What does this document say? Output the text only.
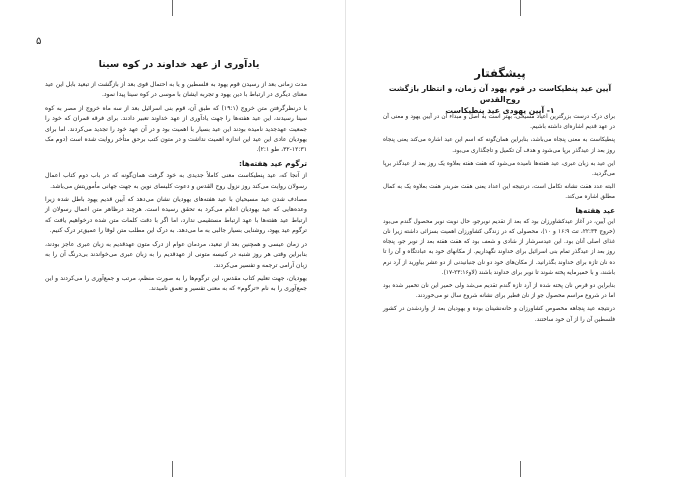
۵
یادآوری از عهد خداوند در کوه سینا

مدت زمانی بعد از رسیدن قوم یهود به فلسطین و یا به احتمال قوی بعد از بازگشت از تبعید بابل این عید معنای دیگری در ارتباط با دین یهود و تجربه ایشان با موسی در کوه سینا پیدا نمود.

با درنظرگرفتن متن خروج (۱۹:۱) که طبق آن، قوم بنی اسرائیل بعد از سه ماه خروج از مصر به کوه سینا رسیدند، این عید هفته‌ها را جهت یادآوری از عهد خداوند تعبیر دادند. برای فرقه قمران که خود را جمعیت عهدجدید نامیده بودند این عید بسیار با اهمیت بود و در آن عهد خود را تجدید می‌کردند. اما برای یهودیان عادی این عید این اندازه اهمیت نداشت و در متون کتب برحق متأخر روایت شده است (دوم مک ۱۲:۳۱-۳۲، طو ۲:۱).

ترگوم عید هفته‌ها:

از آنجا که، عید پنطیکاست معنی کاملاً جدیدی به خود گرفت همان‌گونه که در باب دوم کتاب اعمال رسولان روایت می‌کند روز نزول روح القدس و دعوت کلیسای نوین به جهت جهانی مأموریتش می‌باشد.

مصادف شدن عید مسیحیان با عید هفته‌های یهودیان نشان می‌دهد که آیین قدیم یهود باطل شده زیرا وعده‌هایی که عید یهودیان اعلام می‌کرد به تحقق رسیده است. هرچند درظاهر متن اعمال رسولان از ارتباط عید هفته‌ها با عهد ارتباط مستقیمی ندارد، اما اگر با دقت کلمات متن شده درخواهیم یافت که ترگوم عید یهود، روشنایی بسیار جالبی به ما می‌دهد. به درک این مطلب متن لوقا را عمیق‌تر درک کنیم.

در زمان عیسی و همچنین بعد از تبعید، مردمان عوام از درک متون عهدقدیم به زبان عبری عاجز بودند، بنابراین وقتی هر روز شنبه در کنیسه متونی از عهدقدیم را به زبان عبری می‌خواندند بی‌درنگ آن را به زبان آرامی ترجمه و تفسیر می‌کردند.

یهودیان، جهت تعلیم کتاب مقدس، این ترگوم‌ها را به صورت منظم، مرتب و جمع‌آوری را می‌کردند و این جمع‌آوری را به نام «ترگوم» که به معنی تفسیر و تعمق نامیدند.

پیشگفتار
آیین عید پنطیکاست در قوم یهود آن زمان، و انتظار بازگشت روح‌القدس
۱- آیین یهودی عید پنطیکاست

برای درک درست بزرگترین اعیاد مسیحی، بهتر است به اصل و مبداء آن در آیین یهود و معنی آن در عهد قدیم اشاره‌ای داشته باشیم.

پنطیکاست به معنی پنجاه می‌باشد، بنابراین همان‌گونه که اسم این عید اشاره می‌کند یعنی پنجاه روز بعد از عیدگذر برپا می‌شود و هدف آن تکمیل و تاجگذاری می‌بود.

این عید به زبان عبری، عید هفته‌ها نامیده می‌شود که هفت هفته بعلاوه یک روز بعد از عیدگذر برپا می‌گردید.

البته عدد هفت نشانه تکامل است، درنتیجه این اعداد یعنی هفت ضربدر هفت بعلاوه یک به کمال مطلق اشاره می‌کند.

عید هفته‌ها

این آیین، در آغاز عیدکشاورزان بود که بعد از تقدیم نوبرجو، حال نوبت نوبر محصول گندم می‌بود (خروج ۲۲:۳۴، تث ۱۶:۹ و ۱۰)، محصولی که در زندگی کشاورزان اهمیت بسزائی داشته زیرا نان غذای اصلی آنان بود. این عیدسرشار از شادی و شعف بود که هفت هفته بعد از نوبر جو، پنجاه روز بعد از عیدگذر تمام بنی اسرائیل برای خداوند نگهداریم. از مکانهای خود به عبادتگاه و آن را تا ده نان تازه برای خداوند بگذرانید. از مکان‌های خود دو نان جنبانیدنی از دو عشر بیاورید از آرد نرم باشند، و با خمیرمایه پخته شوند تا نوبر برای خداوند باشند (لاو۲۳:۱۶-۱۷).

بنابراین دو قرص نان پخته شده از آرد تازه گندم تقدیم می‌شد ولی خمیر این نان تخمیر شده بود اما در شروع مراسم محصول جو از نان فطیر برای نشانه شروع سال نو می‌خوردند.

درنتیجه عید پنجاهه مخصوص کشاورزان و خانه‌نشینان بوده و یهودیان بعد از واردشدن در کشور فلسطین آن را از آن خود ساختند.
